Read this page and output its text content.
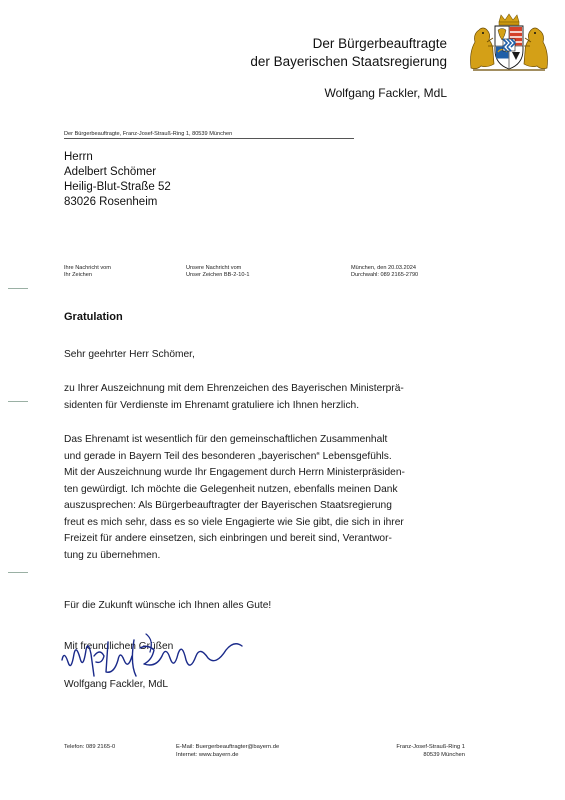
Der Bürgerbeauftragte
der Bayerischen Staatsregierung
Wolfgang Fackler, MdL
Der Bürgerbeauftragte, Franz-Josef-Strauß-Ring 1, 80539 München
Herrn
Adelbert Schömer
Heilig-Blut-Straße 52
83026 Rosenheim
Ihre Nachricht vom
Ihr Zeichen
Unsere Nachricht vom
Unser Zeichen BB-2-10-1
München, den 20.03.2024
Durchwahl: 089 2165-2790
Gratulation
Sehr geehrter Herr Schömer,
zu Ihrer Auszeichnung mit dem Ehrenzeichen des Bayerischen Ministerprä-
sidenten für Verdienste im Ehrenamt gratuliere ich Ihnen herzlich.
Das Ehrenamt ist wesentlich für den gemeinschaftlichen Zusammenhalt
und gerade in Bayern Teil des besonderen „bayerischen“ Lebensgefühls.
Mit der Auszeichnung wurde Ihr Engagement durch Herrn Ministerpräsiden-
ten gewürdigt. Ich möchte die Gelegenheit nutzen, ebenfalls meinen Dank
auszusprechen: Als Bürgerbeauftragter der Bayerischen Staatsregierung
freut es mich sehr, dass es so viele Engagierte wie Sie gibt, die sich in ihrer
Freizeit für andere einsetzen, sich einbringen und bereit sind, Verantwor-
tung zu übernehmen.
Für die Zukunft wünsche ich Ihnen alles Gute!
Mit freundlichen Grüßen
Wolfgang Fackler, MdL
Telefon: 089 2165-0	E-Mail: Buergerbeauftragter@bayern.de
Internet: www.bayern.de
Franz-Josef-Strauß-Ring 1
80539 München
